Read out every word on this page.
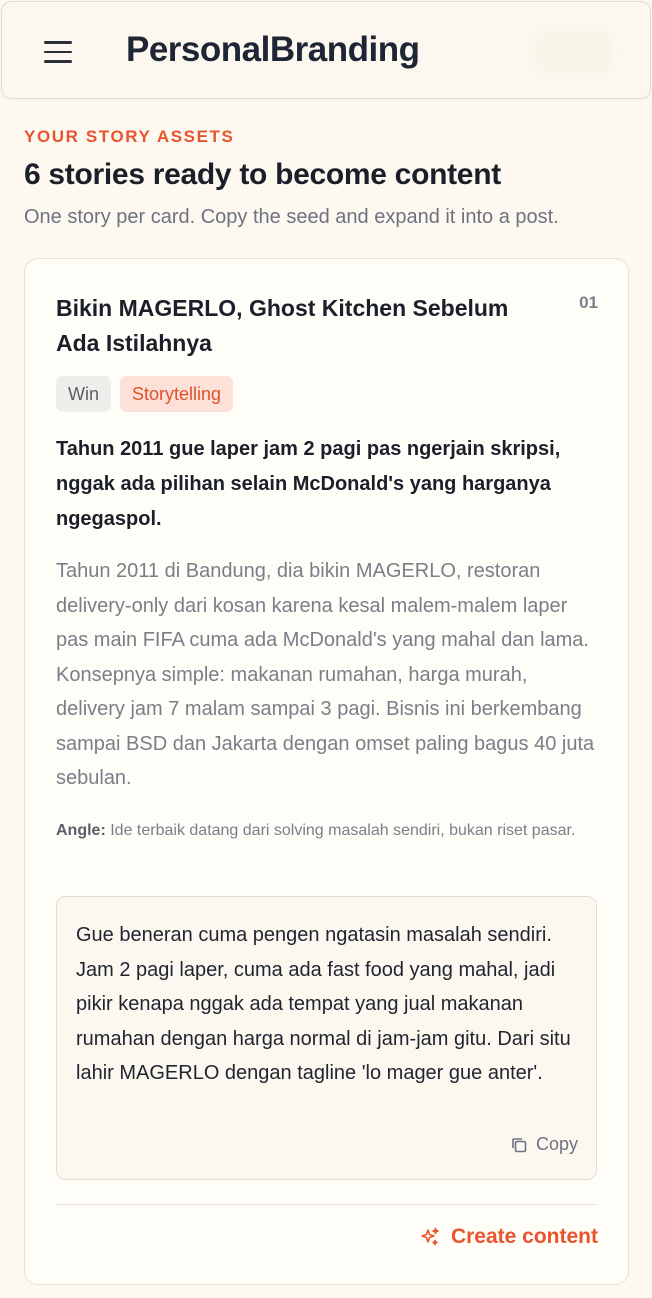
PersonalBranding
YOUR STORY ASSETS
6 stories ready to become content

One story per card. Copy the seed and expand it into a post.

Bikin MAGERLO, Ghost Kitchen Sebelum Ada Istilahnya
01
Win	Storytelling

Tahun 2011 gue laper jam 2 pagi pas ngerjain skripsi, nggak ada pilihan selain McDonald's yang harganya ngegaspol.

Tahun 2011 di Bandung, dia bikin MAGERLO, restoran delivery-only dari kosan karena kesal malem-malem laper pas main FIFA cuma ada McDonald's yang mahal dan lama. Konsepnya simple: makanan rumahan, harga murah, delivery jam 7 malam sampai 3 pagi. Bisnis ini berkembang sampai BSD dan Jakarta dengan omset paling bagus 40 juta sebulan.

Angle: Ide terbaik datang dari solving masalah sendiri, bukan riset pasar.

Gue beneran cuma pengen ngatasin masalah sendiri. Jam 2 pagi laper, cuma ada fast food yang mahal, jadi pikir kenapa nggak ada tempat yang jual makanan rumahan dengan harga normal di jam-jam gitu. Dari situ lahir MAGERLO dengan tagline 'lo mager gue anter'.

Copy
Create content
